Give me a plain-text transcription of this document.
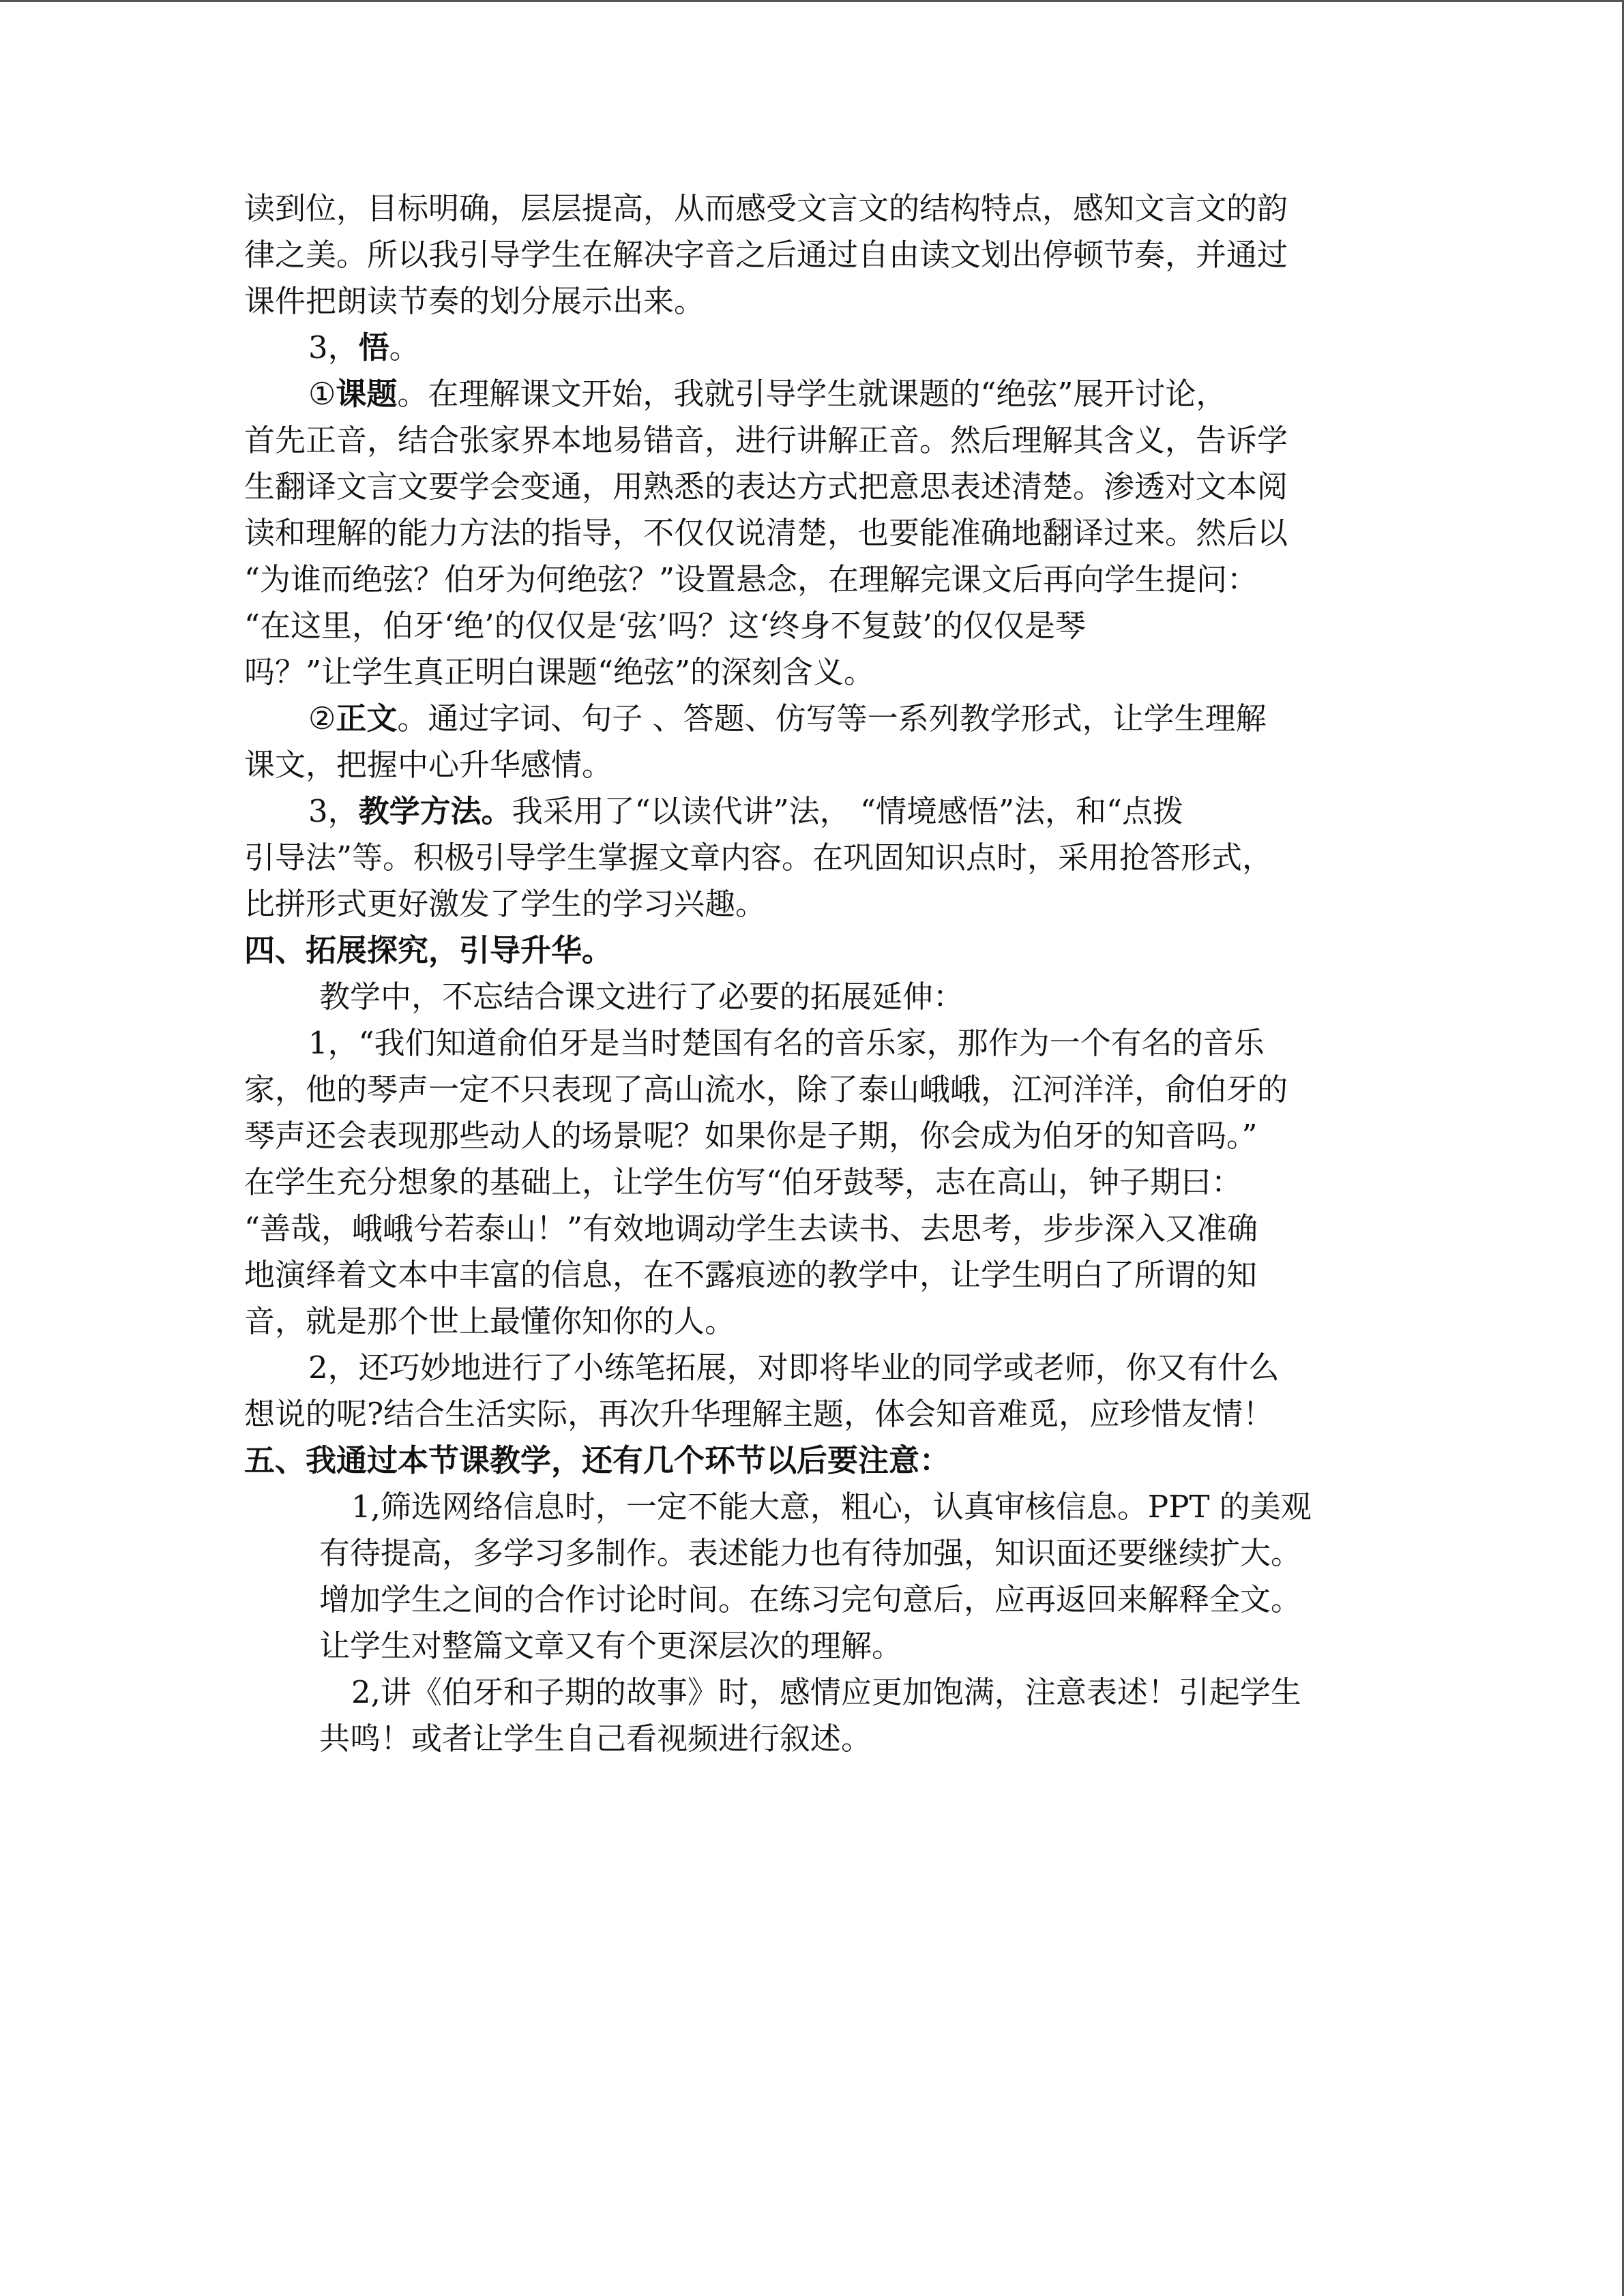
读到位，目标明确，层层提高，从而感受文言文的结构特点，感知文言文的韵

律之美。所以我引导学生在解决字音之后通过自由读文划出停顿节奏，并通过

课件把朗读节奏的划分展示出来。

3，悟。

①课题。在理解课文开始，我就引导学生就课题的“绝弦”展开讨论，

首先正音，结合张家界本地易错音，进行讲解正音。然后理解其含义，告诉学

生翻译文言文要学会变通，用熟悉的表达方式把意思表述清楚。渗透对文本阅

读和理解的能力方法的指导，不仅仅说清楚，也要能准确地翻译过来。然后以

“为谁而绝弦？伯牙为何绝弦？”设置悬念，在理解完课文后再向学生提问：

“在这里，伯牙‘绝’的仅仅是‘弦’吗？这‘终身不复鼓’的仅仅是琴

吗？”让学生真正明白课题“绝弦”的深刻含义。

②正文。通过字词、句子 、答题、仿写等一系列教学形式，让学生理解

课文，把握中心升华感情。

3，教学方法。我采用了“以读代讲”法， “情境感悟”法，和“点拨

引导法”等。积极引导学生掌握文章内容。在巩固知识点时，采用抢答形式，

比拼形式更好激发了学生的学习兴趣。

四、拓展探究，引导升华。

教学中，不忘结合课文进行了必要的拓展延伸：

1，“我们知道俞伯牙是当时楚国有名的音乐家，那作为一个有名的音乐

家，他的琴声一定不只表现了高山流水，除了泰山峨峨，江河洋洋，俞伯牙的

琴声还会表现那些动人的场景呢？如果你是子期，你会成为伯牙的知音吗。”

在学生充分想象的基础上，让学生仿写“伯牙鼓琴，志在高山，钟子期曰：

“善哉，峨峨兮若泰山！”有效地调动学生去读书、去思考，步步深入又准确

地演绎着文本中丰富的信息，在不露痕迹的教学中，让学生明白了所谓的知

音，就是那个世上最懂你知你的人。

2，还巧妙地进行了小练笔拓展，对即将毕业的同学或老师，你又有什么

想说的呢?结合生活实际，再次升华理解主题，体会知音难觅，应珍惜友情！

五、我通过本节课教学，还有几个环节以后要注意：

1,筛选网络信息时，一定不能大意，粗心，认真审核信息。PPT 的美观

有待提高，多学习多制作。表述能力也有待加强，知识面还要继续扩大。

增加学生之间的合作讨论时间。在练习完句意后，应再返回来解释全文。

让学生对整篇文章又有个更深层次的理解。

2,讲《伯牙和子期的故事》时，感情应更加饱满，注意表述！引起学生

共鸣！或者让学生自己看视频进行叙述。
